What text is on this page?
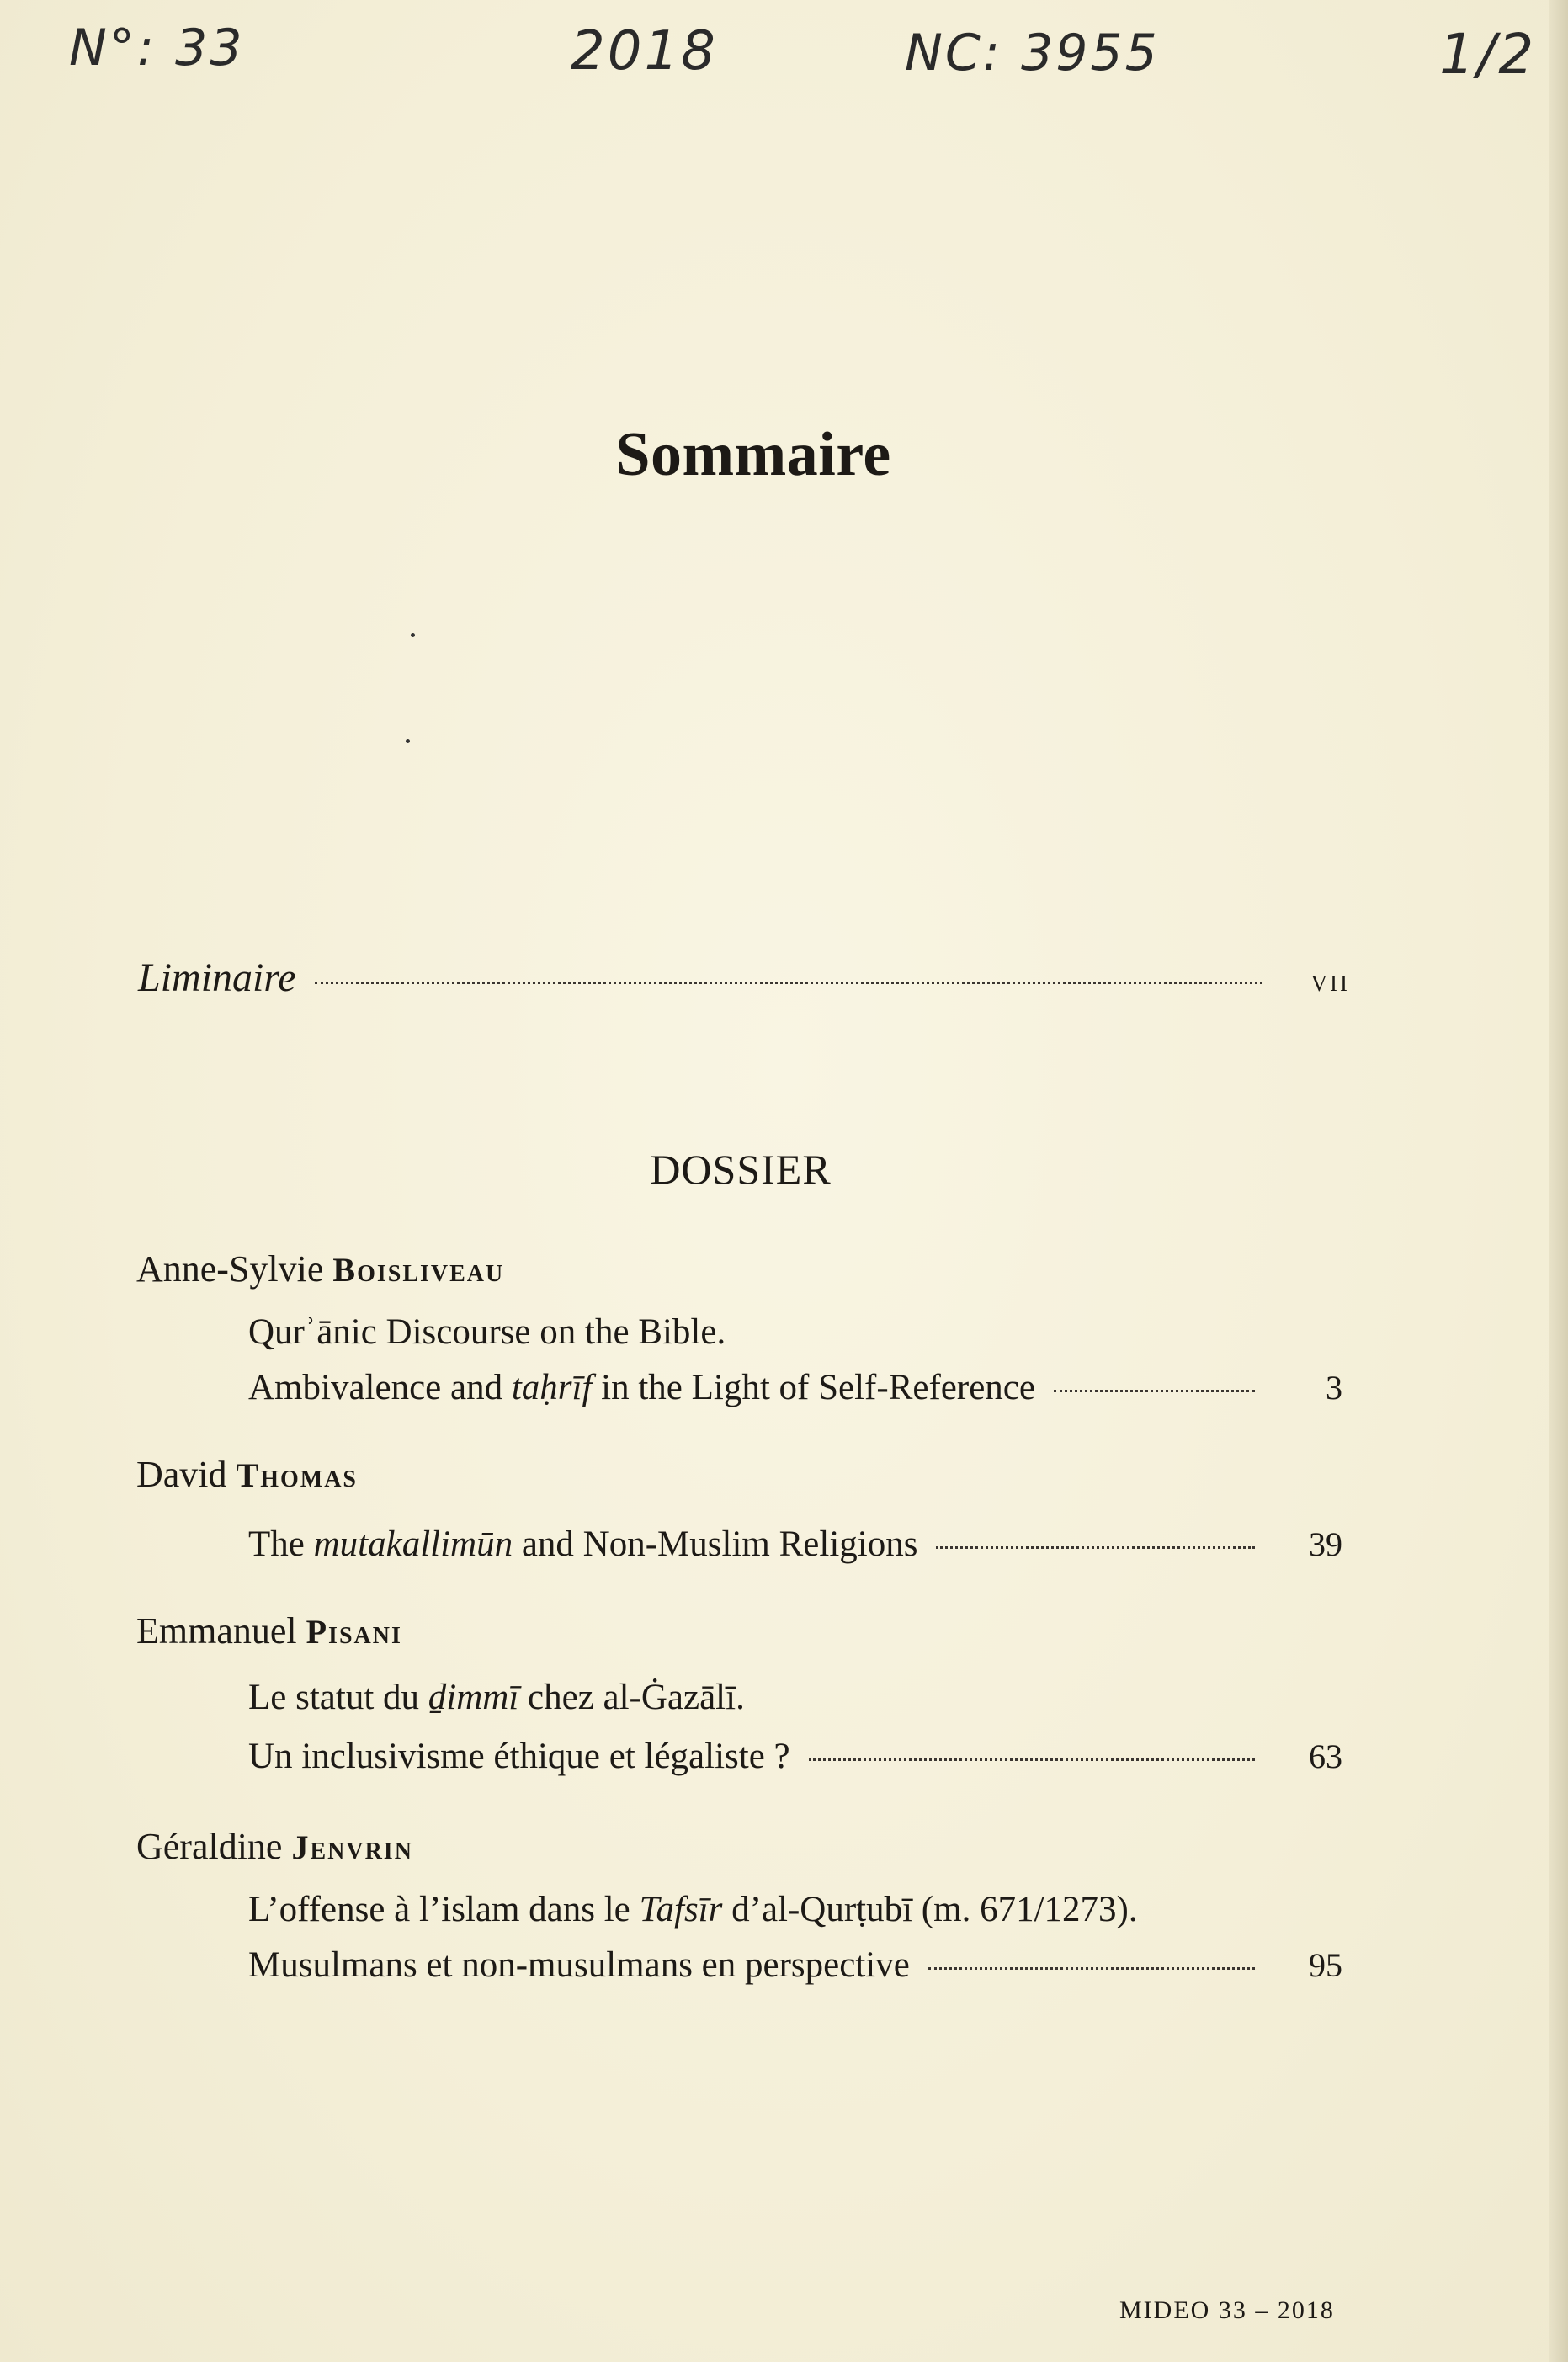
N°: 33	2018	NC: 3955	1/2
Sommaire
Liminaire	vii
DOSSIER
Anne-Sylvie Boisliveau
Qurʾānic Discourse on the Bible.
Ambivalence and taḥrīf in the Light of Self-Reference	3
David Thomas
The mutakallimūn and Non-Muslim Religions	39
Emmanuel Pisani
Le statut du ḏimmī chez al-Ġazālī.
Un inclusivisme éthique et légaliste ?	63
Géraldine Jenvrin
L’offense à l’islam dans le Tafsīr d’al-Qurṭubī (m. 671/1273).
Musulmans et non-musulmans en perspective	95
MIDEO 33 – 2018
